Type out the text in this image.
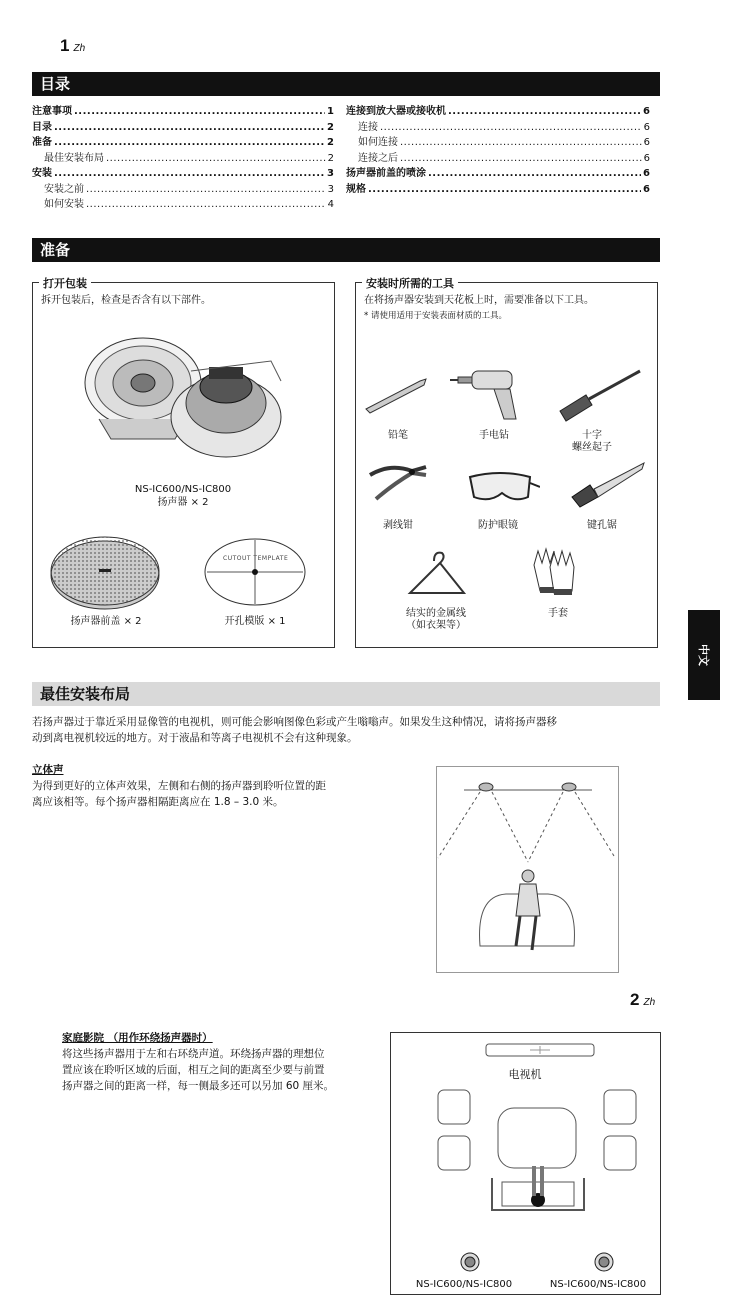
1 Zh
目录
注意事项 .....	1
目录 .....	2
准备 .....	2
最佳安装布局 .....	2
安装 .....	3
安装之前 .....	3
如何安装 .....	4
连接到放大器或接收机 .....	6
连接 .....	6
如何连接 .....	6
连接之后 .....	6
扬声器前盖的喷涂 .....	6
规格 .....	6
准备
打开包装
拆开包装后，检查是否含有以下部件。
NS-IC600/NS-IC800
扬声器 × 2
扬声器前盖 × 2
CUTOUT TEMPLATE
开孔模版 × 1
安装时所需的工具
在将扬声器安装到天花板上时，需要准备以下工具。
* 请使用适用于安装表面材质的工具。
铅笔	手电钻	十字
螺丝起子
剥线钳	防护眼镜	键孔锯
结实的金属线
（如衣架等）
手套
中文
最佳安装布局
若扬声器过于靠近采用显像管的电视机，则可能会影响图像色彩或产生嗡嗡声。如果发生这种情况，请将扬声器移
动到离电视机较远的地方。对于液晶和等离子电视机不会有这种现象。
立体声
为得到更好的立体声效果，左侧和右侧的扬声器到聆听位置的距
离应该相等。每个扬声器相隔距离应在 1.8 – 3.0 米。
2 Zh
家庭影院 （用作环绕扬声器时）
将这些扬声器用于左和右环绕声道。环绕扬声器的理想位
置应该在聆听区域的后面，相互之间的距离至少要与前置
扬声器之间的距离一样，每一侧最多还可以另加 60 厘米。
电视机
NS-IC600/NS-IC800	NS-IC600/NS-IC800
